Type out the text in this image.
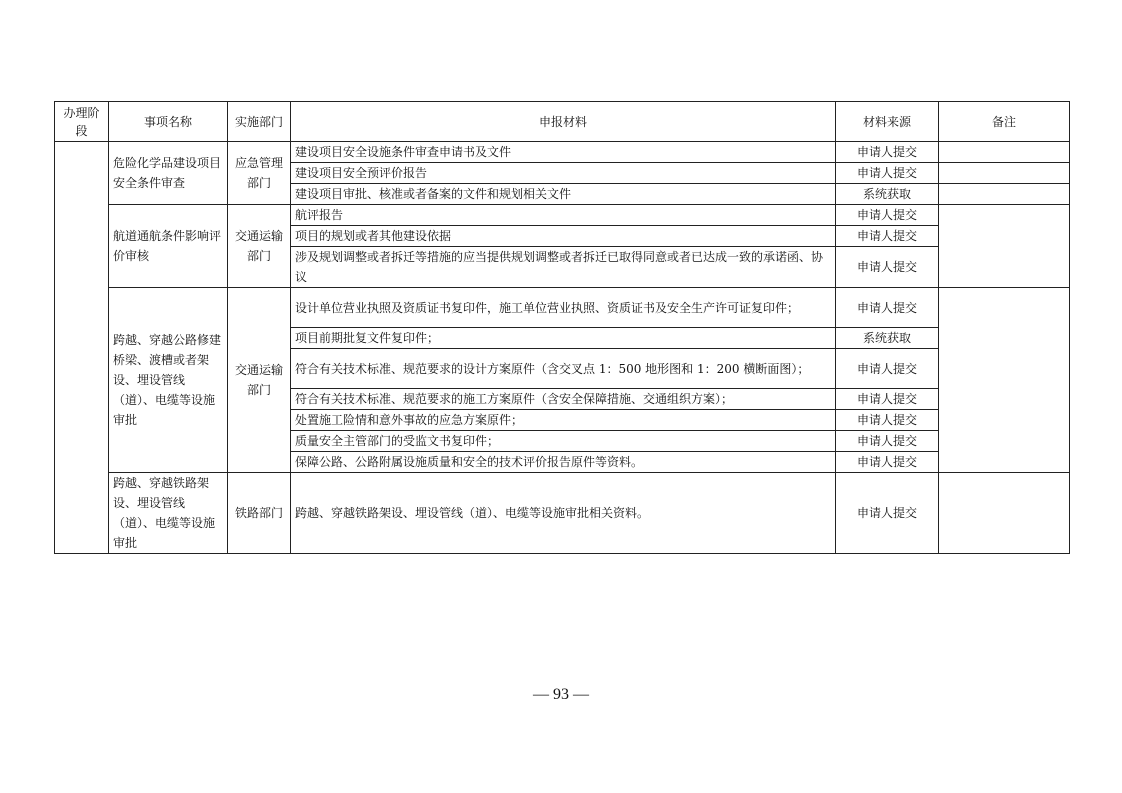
办理阶段	事项名称	实施部门	申报材料	材料来源	备注
	危险化学品建设项目安全条件审查	应急管理部门	建设项目安全设施条件审查申请书及文件	申请人提交	
			建设项目安全预评价报告	申请人提交	
			建设项目审批、核准或者备案的文件和规划相关文件	系统获取	
	航道通航条件影响评价审核	交通运输部门	航评报告	申请人提交	
			项目的规划或者其他建设依据	申请人提交	
			涉及规划调整或者拆迁等措施的应当提供规划调整或者拆迁已取得同意或者已达成一致的承诺函、协议	申请人提交	
	跨越、穿越公路修建桥梁、渡槽或者架设、埋设管线（道）、电缆等设施审批	交通运输部门	设计单位营业执照及资质证书复印件，施工单位营业执照、资质证书及安全生产许可证复印件；	申请人提交	
			项目前期批复文件复印件；	系统获取	
			符合有关技术标准、规范要求的设计方案原件（含交叉点 1：500 地形图和 1：200 横断面图）；	申请人提交	
			符合有关技术标准、规范要求的施工方案原件（含安全保障措施、交通组织方案）；	申请人提交	
			处置施工险情和意外事故的应急方案原件；	申请人提交	
			质量安全主管部门的受监文书复印件；	申请人提交	
			保障公路、公路附属设施质量和安全的技术评价报告原件等资料。	申请人提交	
	跨越、穿越铁路架设、埋设管线（道）、电缆等设施审批	铁路部门	跨越、穿越铁路架设、埋设管线（道）、电缆等设施审批相关资料。	申请人提交	
— 93 —
